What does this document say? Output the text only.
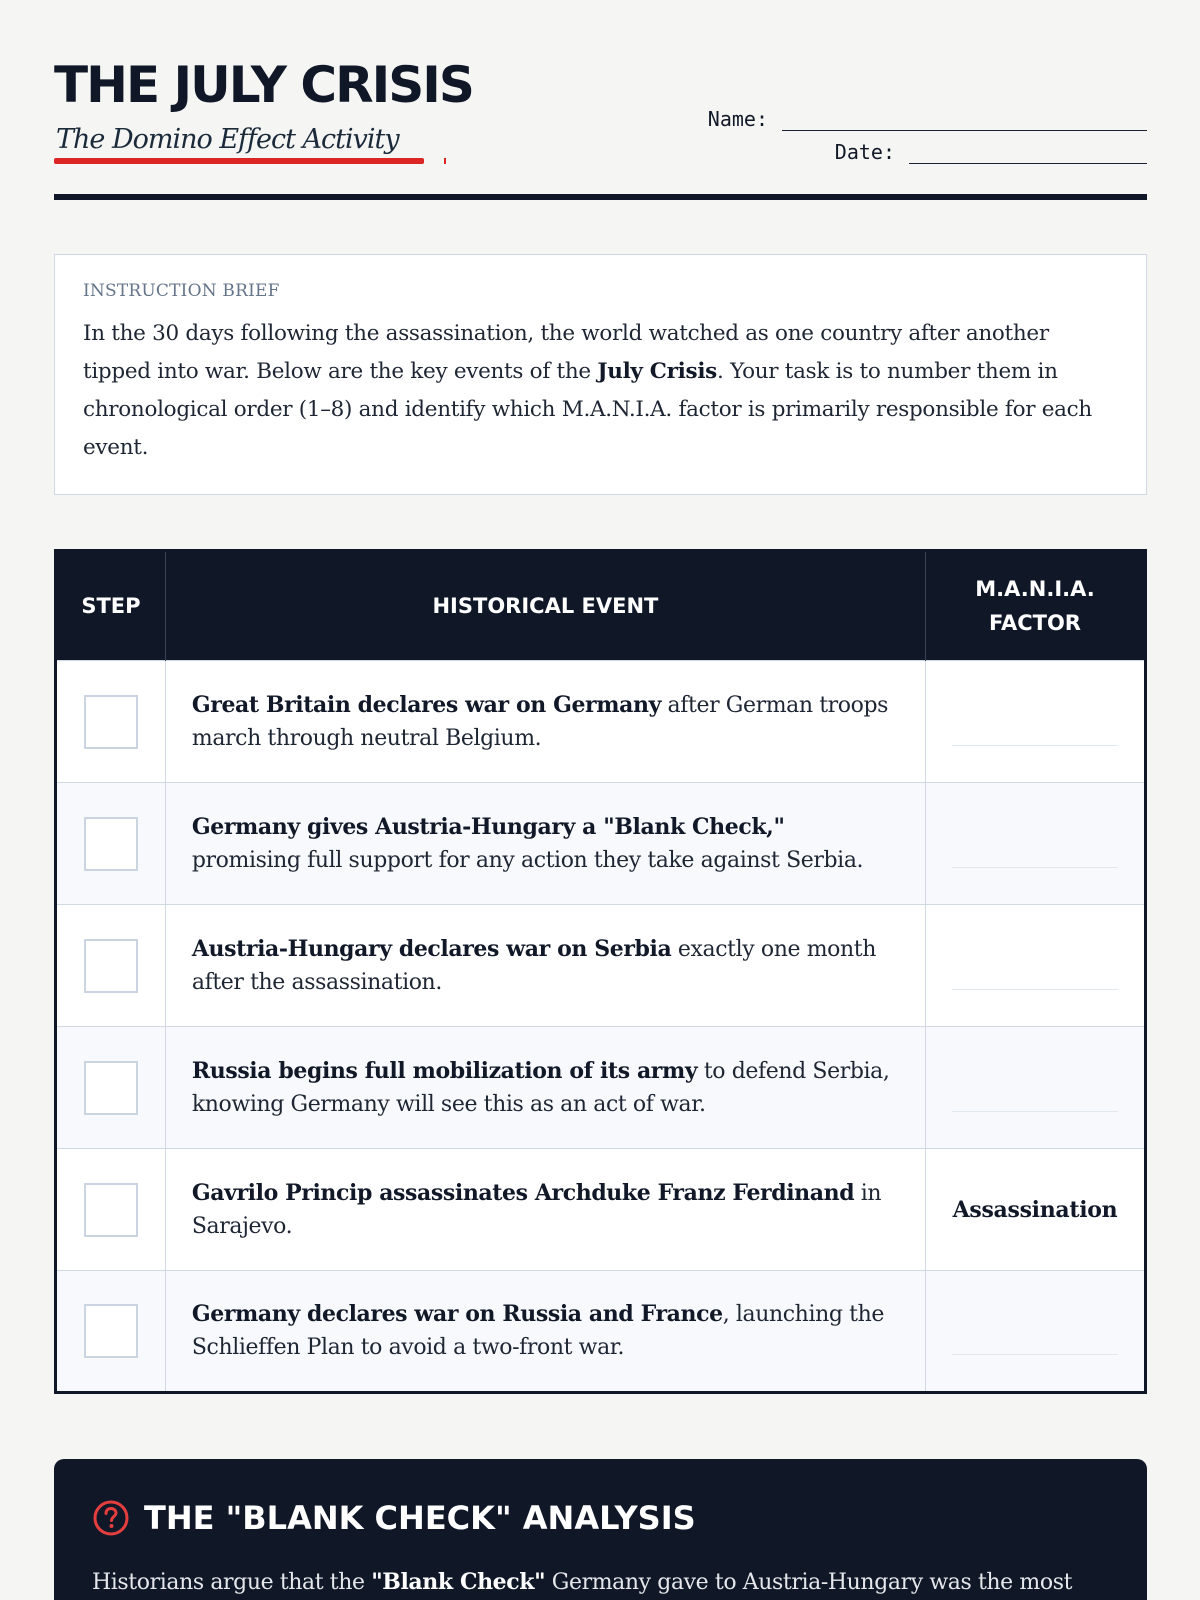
THE JULY CRISIS
The Domino Effect Activity
Name:
Date:
INSTRUCTION BRIEF
In the 30 days following the assassination, the world watched as one country after another tipped into war. Below are the key events of the July Crisis. Your task is to number them in chronological order (1–8) and identify which M.A.N.I.A. factor is primarily responsible for each event.
STEP	HISTORICAL EVENT	M.A.N.I.A.
FACTOR

	Great Britain declares war on Germany after German troops march through neutral Belgium.	

	Germany gives Austria-Hungary a "Blank Check," promising full support for any action they take against Serbia.	

	Austria-Hungary declares war on Serbia exactly one month after the assassination.	

	Russia begins full mobilization of its army to defend Serbia, knowing Germany will see this as an act of war.	

	Gavrilo Princip assassinates Archduke Franz Ferdinand in Sarajevo.	Assassination

	Germany declares war on Russia and France, launching the Schlieffen Plan to avoid a two-front war.	
THE "BLANK CHECK" ANALYSIS
Historians argue that the "Blank Check" Germany gave to Austria-Hungary was the most
